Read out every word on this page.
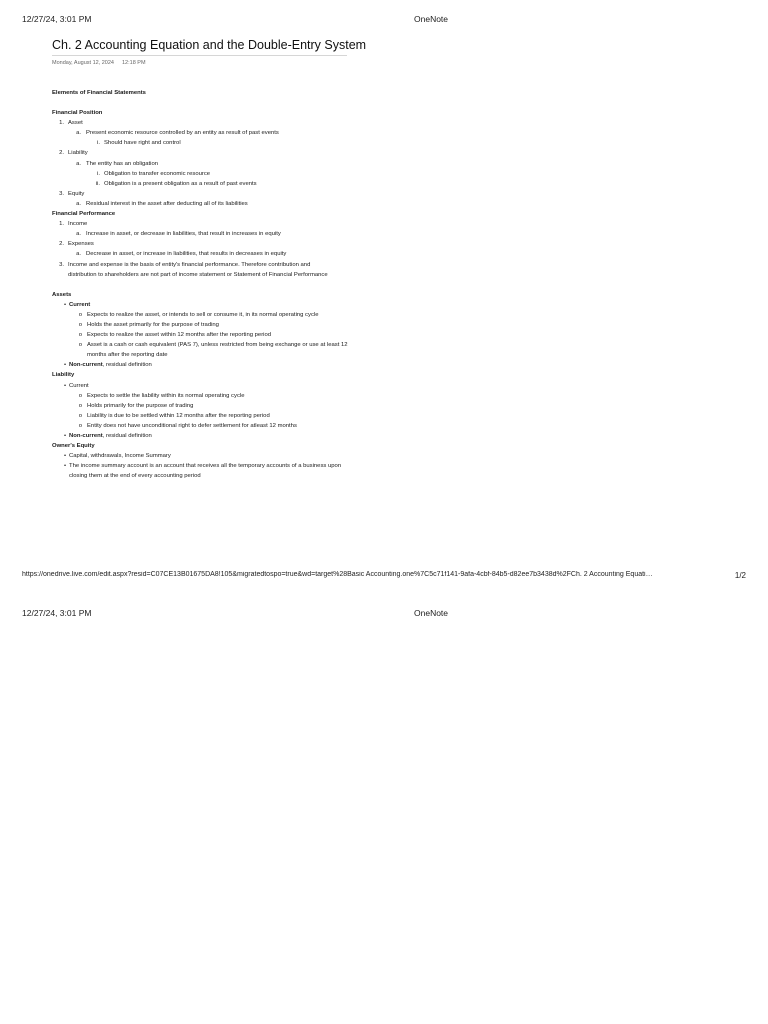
12/27/24, 3:01 PM	OneNote
Ch. 2 Accounting Equation and the Double-Entry System
Monday, August 12, 2024 12:18 PM
Elements of Financial Statements
Financial Position
1. Asset
a. Present economic resource controlled by an entity as result of past events
i. Should have right and control
2. Liability
a. The entity has an obligation
i. Obligation to transfer economic resource
ii. Obligation is a present obligation as a result of past events
3. Equity
a. Residual interest in the asset after deducting all of its liabilities
Financial Performance
1. Income
a. Increase in asset, or decrease in liabilities, that result in increases in equity
2. Expenses
a. Decrease in asset, or increase in liabilities, that results in decreases in equity
3. Income and expense is the basis of entity's financial performance. Therefore contribution and distribution to shareholders are not part of income statement or Statement of Financial Performance
Assets
• Current
o Expects to realize the asset, or intends to sell or consume it, in its normal operating cycle
o Holds the asset primarily for the purpose of trading
o Expects to realize the asset within 12 months after the reporting period
o Asset is a cash or cash equivalent (PAS 7), unless restricted from being exchange or use at least 12 months after the reporting date
• Non-current, residual definition
Liability
• Current
o Expects to settle the liability within its normal operating cycle
o Holds primarily for the purpose of trading
o Liability is due to be settled within 12 months after the reporting period
o Entity does not have unconditional right to defer settlement for atleast 12 months
• Non-current, residual definition
Owner's Equity
• Capital, withdrawals, Income Summary
• The income summary account is an account that receives all the temporary accounts of a business upon closing them at the end of every accounting period
https://onedrive.live.com/edit.aspx?resid=C07CE13B01675DA8!105&migratedtospo=true&wd=target%28Basic Accounting.one%7C5c71f141-9afa-4cbf-84b5-d82ee7b3438d%2FCh. 2 Accounting Equati…	1/2
12/27/24, 3:01 PM	OneNote
